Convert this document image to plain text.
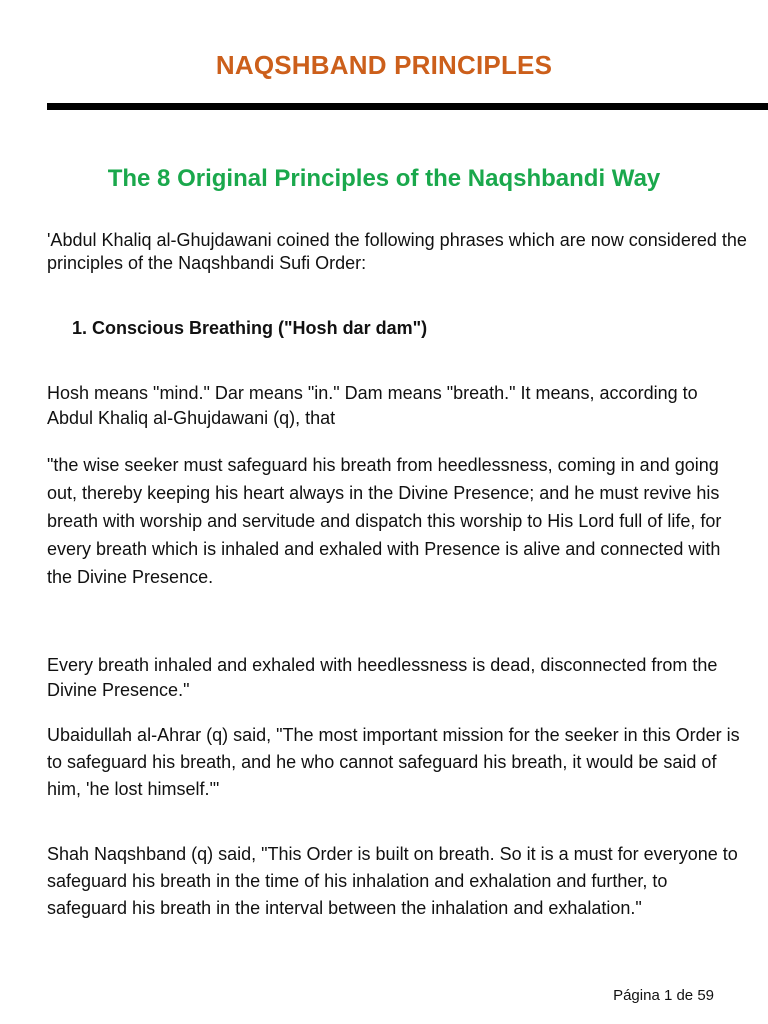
NAQSHBAND PRINCIPLES
The 8 Original Principles of the Naqshbandi Way

'Abdul Khaliq al-Ghujdawani coined the following phrases which are now considered the principles of the Naqshbandi Sufi Order:

1. Conscious Breathing ("Hosh dar dam")

Hosh means "mind." Dar means "in." Dam means "breath." It means, according to Abdul Khaliq al-Ghujdawani (q), that

"the wise seeker must safeguard his breath from heedlessness, coming in and going out, thereby keeping his heart always in the Divine Presence; and he must revive his breath with worship and servitude and dispatch this worship to His Lord full of life, for every breath which is inhaled and exhaled with Presence is alive and connected with the Divine Presence.

Every breath inhaled and exhaled with heedlessness is dead, disconnected from the Divine Presence."

Ubaidullah al-Ahrar (q) said, "The most important mission for the seeker in this Order is to safeguard his breath, and he who cannot safeguard his breath, it would be said of him, 'he lost himself.'"

Shah Naqshband (q) said, "This Order is built on breath. So it is a must for everyone to safeguard his breath in the time of his inhalation and exhalation and further, to safeguard his breath in the interval between the inhalation and exhalation."

Página 1 de 59
